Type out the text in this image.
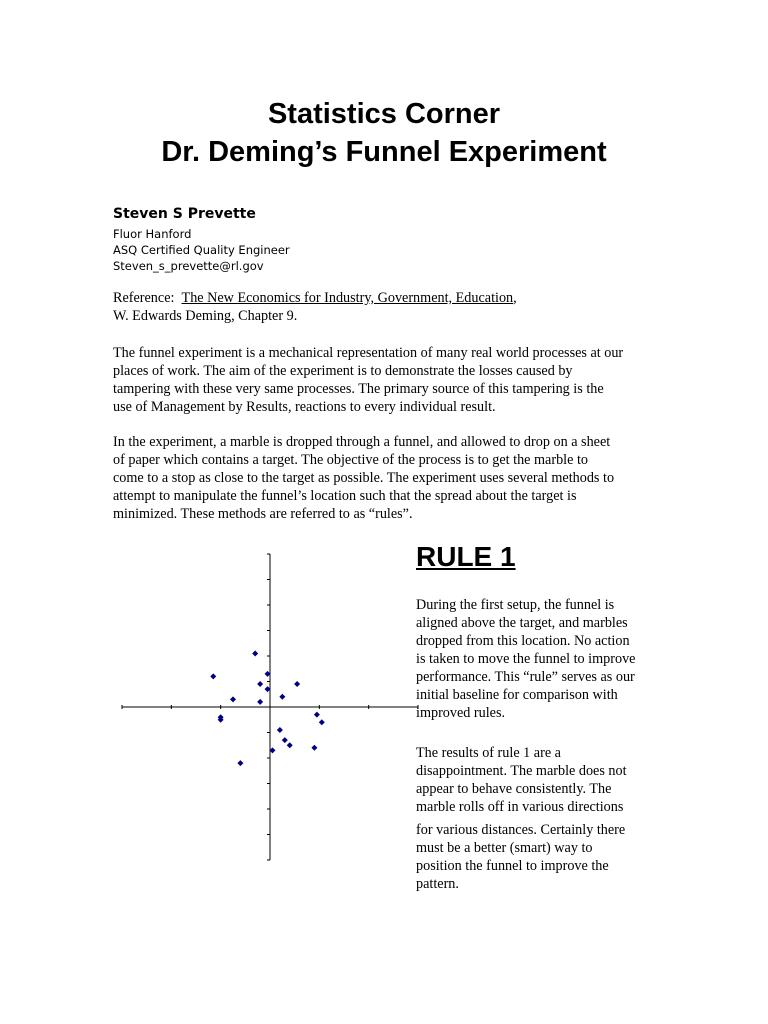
Statistics Corner
Dr. Deming’s Funnel Experiment
Steven S Prevette
Fluor Hanford
ASQ Certified Quality Engineer
Steven_s_prevette@rl.gov
Reference: The New Economics for Industry, Government, Education,
W. Edwards Deming, Chapter 9.
The funnel experiment is a mechanical representation of many real world processes at our
places of work. The aim of the experiment is to demonstrate the losses caused by
tampering with these very same processes. The primary source of this tampering is the
use of Management by Results, reactions to every individual result.
In the experiment, a marble is dropped through a funnel, and allowed to drop on a sheet
of paper which contains a target. The objective of the process is to get the marble to
come to a stop as close to the target as possible. The experiment uses several methods to
attempt to manipulate the funnel’s location such that the spread about the target is
minimized. These methods are referred to as “rules”.
RULE 1
During the first setup, the funnel is
aligned above the target, and marbles
dropped from this location. No action
is taken to move the funnel to improve
performance. This “rule” serves as our
initial baseline for comparison with
improved rules.
The results of rule 1 are a
disappointment. The marble does not
appear to behave consistently. The
marble rolls off in various directions
for various distances. Certainly there
must be a better (smart) way to
position the funnel to improve the
pattern.
